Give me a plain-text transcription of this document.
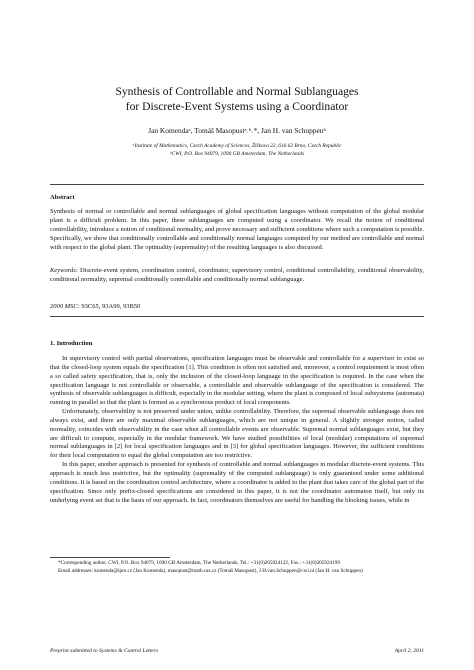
Synthesis of Controllable and Normal Sublanguages
for Discrete-Event Systems using a Coordinator
Jan Komendaᵃ, Tomáš Masopustᵃ˒ᵇ˒*, Jan H. van Schuppenᵇ
ᵃInstitute of Mathematics, Czech Academy of Sciences, Žižkova 22, 616 62 Brno, Czech Republic
ᵇCWI, P.O. Box 94079, 1090 GB Amsterdam, The Netherlands
Abstract
Synthesis of normal or controllable and normal sublanguages of global specification languages without computation of the global modular plant is a difficult problem. In this paper, these sublanguages are computed using a coordinator. We recall the notion of conditional controllability, introduce a notion of conditional normality, and prove necessary and sufficient conditions where such a computation is possible. Specifically, we show that conditionally controllable and conditionally normal languages computed by our method are controllable and normal with respect to the global plant. The optimality (supremality) of the resulting languages is also discussed.
Keywords: Discrete-event system, coordination control, coordinator, supervisory control, conditional controllability, conditional observability, conditional normality, supremal conditionally controllable and conditionally normal sublanguage.
2000 MSC: 93C65, 93A99, 93B50
1. Introduction

In supervisory control with partial observations, specification languages must be observable and controllable for a supervisor to exist so that the closed-loop system equals the specification [1]. This condition is often not satisfied and, moreover, a control requirement is most often a so called safety specification, that is, only the inclusion of the closed-loop language in the specification is required. In the case when the specification language is not controllable or observable, a controllable and observable sublanguage of the specification is considered. The synthesis of observable sublanguages is difficult, especially in the modular setting, where the plant is composed of local subsystems (automata) running in parallel so that the plant is formed as a synchronous product of local components.

Unfortunately, observability is not preserved under union, unlike controllability. Therefore, the supremal observable sublanguage does not always exist, and there are only maximal observable sublanguages, which are not unique in general. A slightly stronger notion, called normality, coincides with observability in the case when all controllable events are observable. Supremal normal sublanguages exist, but they are difficult to compute, especially in the modular framework. We have studied possibilities of local (modular) computations of supremal normal sublanguages in [2] for local specification languages and in [3] for global specification languages. However, the sufficient conditions for their local computation to equal the global computation are too restrictive.

In this paper, another approach is presented for synthesis of controllable and normal sublanguages in modular discrete-event systems. This approach is much less restrictive, but the optimality (supremality of the computed sublanguage) is only guaranteed under some additional conditions. It is based on the coordination control architecture, where a coordinator is added to the plant that takes care of the global part of the specification. Since only prefix-closed specifications are considered in this paper, it is not the coordinator automaton itself, but only its underlying event set that is the basis of our approach. In fact, coordinators themselves are useful for handling the blocking issues, while in

*Corresponding author. CWI, P.O. Box 94079, 1090 GB Amsterdam, The Netherlands, Tel.: +31(0)205924122, Fax.: +31(0)205924199

Email addresses: komenda@ipm.cz (Jan Komenda), masopust@math.cas.cz (Tomáš Masopust), J.H.van.Schuppen@cwi.nl (Jan H. van Schuppen)

Preprint submitted to Systems & Control Letters	April 2, 2011
